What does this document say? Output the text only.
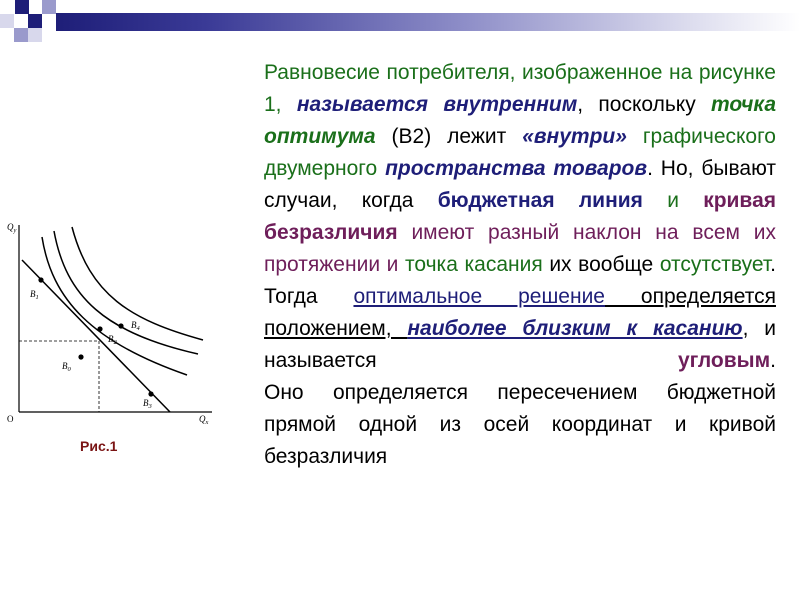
$Q_y$
$Q_x$
O
$B_1$
$B_2$
$B_0$
$B_4$
$B_3$
Рис.1

Равновесие потребителя, изображенное на рисунке 1, называется внутренним, поскольку точка оптимума (В2) лежит «внутри» графического двумерного пространства товаров. Но, бывают случаи, когда бюджетная линия и кривая безразличия имеют разный наклон на всем их протяжении и точка касания их вообще отсутствует. Тогда оптимальное решение определяется положением, наиболее близким к касанию, и называется угловым.

Оно определяется пересечением бюджетной прямой одной из осей координат и кривой безразличия
